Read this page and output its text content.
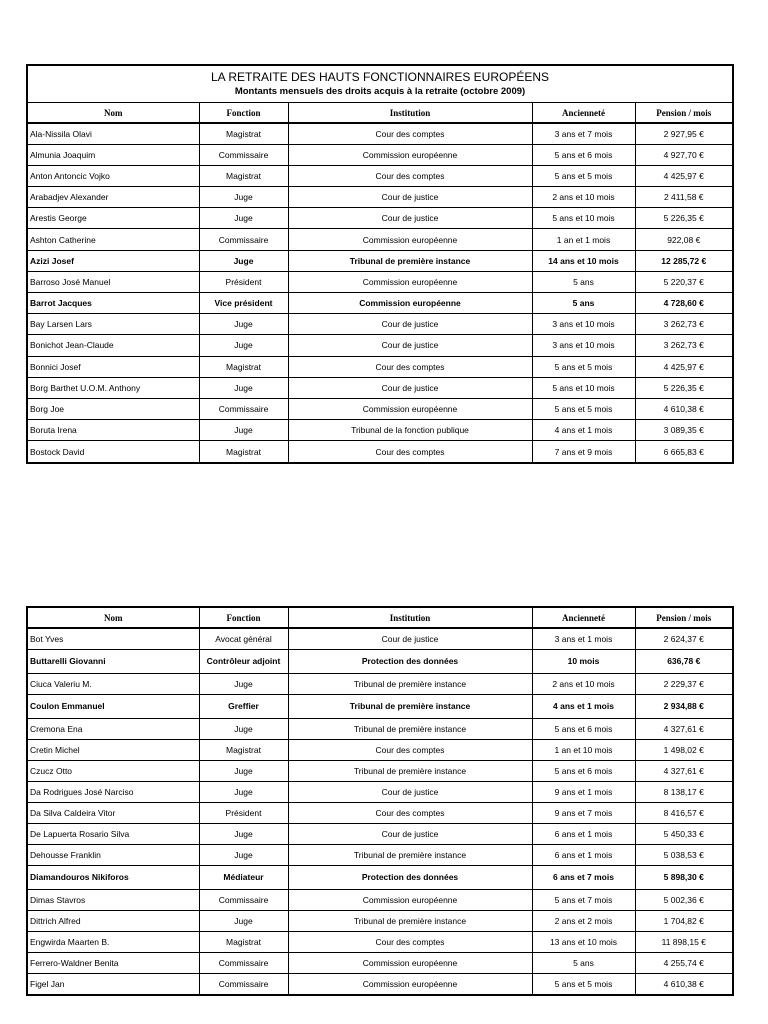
LA RETRAITE DES HAUTS FONCTIONNAIRES EUROPÉENS
Montants mensuels des droits acquis à la retraite (octobre 2009)
Nom	Fonction	Institution	Ancienneté	Pension / mois
Ala-Nissila Olavi	Magistrat	Cour des comptes	3 ans et 7 mois	2 927,95 €
Almunia Joaquim	Commissaire	Commission européenne	5 ans et 6 mois	4 927,70 €
Anton Antoncic Vojko	Magistrat	Cour des comptes	5 ans et 5 mois	4 425,97 €
Arabadjev Alexander	Juge	Cour de justice	2 ans et 10 mois	2 411,58 €
Arestis George	Juge	Cour de justice	5 ans et 10 mois	5 226,35 €
Ashton Catherine	Commissaire	Commission européenne	1 an et 1 mois	922,08 €
Azizi Josef	Juge	Tribunal de première instance	14 ans et 10 mois	12 285,72 €
Barroso José Manuel	Président	Commission européenne	5 ans	5 220,37 €
Barrot Jacques	Vice président	Commission européenne	5 ans	4 728,60 €
Bay Larsen Lars	Juge	Cour de justice	3 ans et 10 mois	3 262,73 €
Bonichot Jean-Claude	Juge	Cour de justice	3 ans et 10 mois	3 262,73 €
Bonnici Josef	Magistrat	Cour des comptes	5 ans et 5 mois	4 425,97 €
Borg Barthet U.O.M. Anthony	Juge	Cour de justice	5 ans et 10 mois	5 226,35 €
Borg Joe	Commissaire	Commission européenne	5 ans et 5 mois	4 610,38 €
Boruta Irena	Juge	Tribunal de la fonction publique	4 ans et 1 mois	3 089,35 €
Bostock David	Magistrat	Cour des comptes	7 ans et 9 mois	6 665,83 €
Nom	Fonction	Institution	Ancienneté	Pension / mois
Bot Yves	Avocat général	Cour de justice	3 ans et 1 mois	2 624,37 €
Buttarelli Giovanni	Contrôleur adjoint	Protection des données	10 mois	636,78 €
Ciuca Valeriu M.	Juge	Tribunal de première instance	2 ans et 10 mois	2 229,37 €
Coulon Emmanuel	Greffier	Tribunal de première instance	4 ans et 1 mois	2 934,88 €
Cremona Ena	Juge	Tribunal de première instance	5 ans et 6 mois	4 327,61 €
Cretin Michel	Magistrat	Cour des comptes	1 an et 10 mois	1 498,02 €
Czucz Otto	Juge	Tribunal de première instance	5 ans et 6 mois	4 327,61 €
Da Rodrigues José Narciso	Juge	Cour de justice	9 ans et 1 mois	8 138,17 €
Da Silva Caldeira Vitor	Président	Cour des comptes	9 ans et 7 mois	8 416,57 €
De Lapuerta Rosario Silva	Juge	Cour de justice	6 ans et 1 mois	5 450,33 €
Dehousse Franklin	Juge	Tribunal de première instance	6 ans et 1 mois	5 038,53 €
Diamandouros Nikiforos	Médiateur	Protection des données	6 ans et 7 mois	5 898,30 €
Dimas Stavros	Commissaire	Commission européenne	5 ans et 7 mois	5 002,36 €
Dittrich Alfred	Juge	Tribunal de première instance	2 ans et 2 mois	1 704,82 €
Engwirda Maarten B.	Magistrat	Cour des comptes	13 ans et 10 mois	11 898,15 €
Ferrero-Waldner Benita	Commissaire	Commission européenne	5 ans	4 255,74 €
Figel Jan	Commissaire	Commission européenne	5 ans et 5 mois	4 610,38 €
